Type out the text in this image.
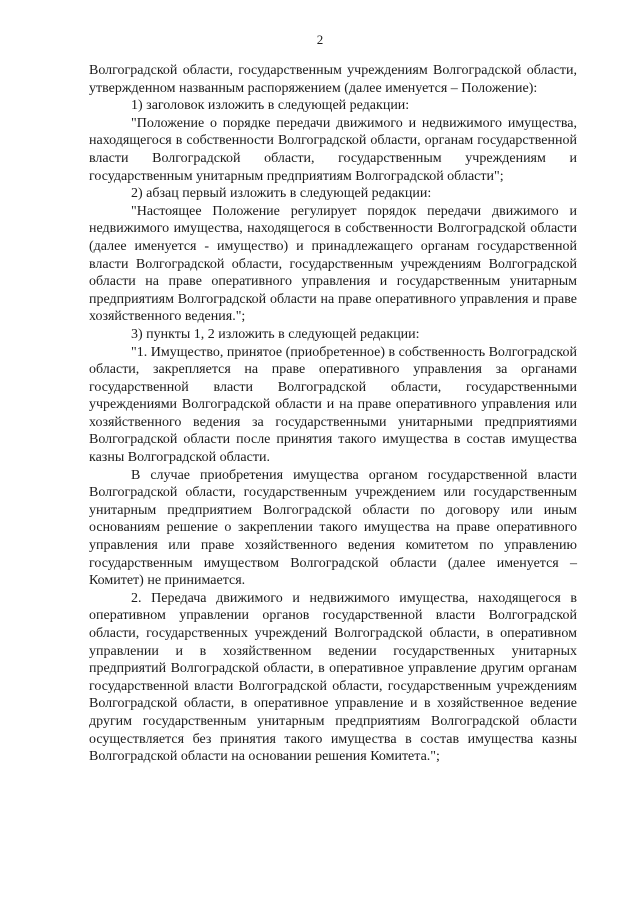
2

Волгоградской области, государственным учреждениям Волгоградской области, утвержденном названным распоряжением (далее именуется – Положение):

1) заголовок изложить в следующей редакции:

"Положение о порядке передачи движимого и недвижимого имущества, находящегося в собственности Волгоградской области, органам государственной власти Волгоградской области, государственным учреждениям и государственным унитарным предприятиям Волгоградской области";

2) абзац первый изложить в следующей редакции:

"Настоящее Положение регулирует порядок передачи движимого и недвижимого имущества, находящегося в собственности Волгоградской области (далее именуется - имущество) и принадлежащего органам государственной власти Волгоградской области, государственным учреждениям Волгоградской области на праве оперативного управления и государственным унитарным предприятиям Волгоградской области на праве оперативного управления и праве хозяйственного ведения.";

3) пункты 1, 2 изложить в следующей редакции:

"1. Имущество, принятое (приобретенное) в собственность Волгоградской области, закрепляется на праве оперативного управления за органами государственной власти Волгоградской области, государственными учреждениями Волгоградской области и на праве оперативного управления или хозяйственного ведения за государственными унитарными предприятиями Волгоградской области после принятия такого имущества в состав имущества казны Волгоградской области.

В случае приобретения имущества органом государственной власти Волгоградской области, государственным учреждением или государственным унитарным предприятием Волгоградской области по договору или иным основаниям решение о закреплении такого имущества на праве оперативного управления или праве хозяйственного ведения комитетом по управлению государственным имуществом Волгоградской области (далее именуется – Комитет) не принимается.

2. Передача движимого и недвижимого имущества, находящегося в оперативном управлении органов государственной власти Волгоградской области, государственных учреждений Волгоградской области, в оперативном управлении и в хозяйственном ведении государственных унитарных предприятий Волгоградской области, в оперативное управление другим органам государственной власти Волгоградской области, государственным учреждениям Волгоградской области, в оперативное управление и в хозяйственное ведение другим государственным унитарным предприятиям Волгоградской области осуществляется без принятия такого имущества в состав имущества казны Волгоградской области на основании решения Комитета.";
